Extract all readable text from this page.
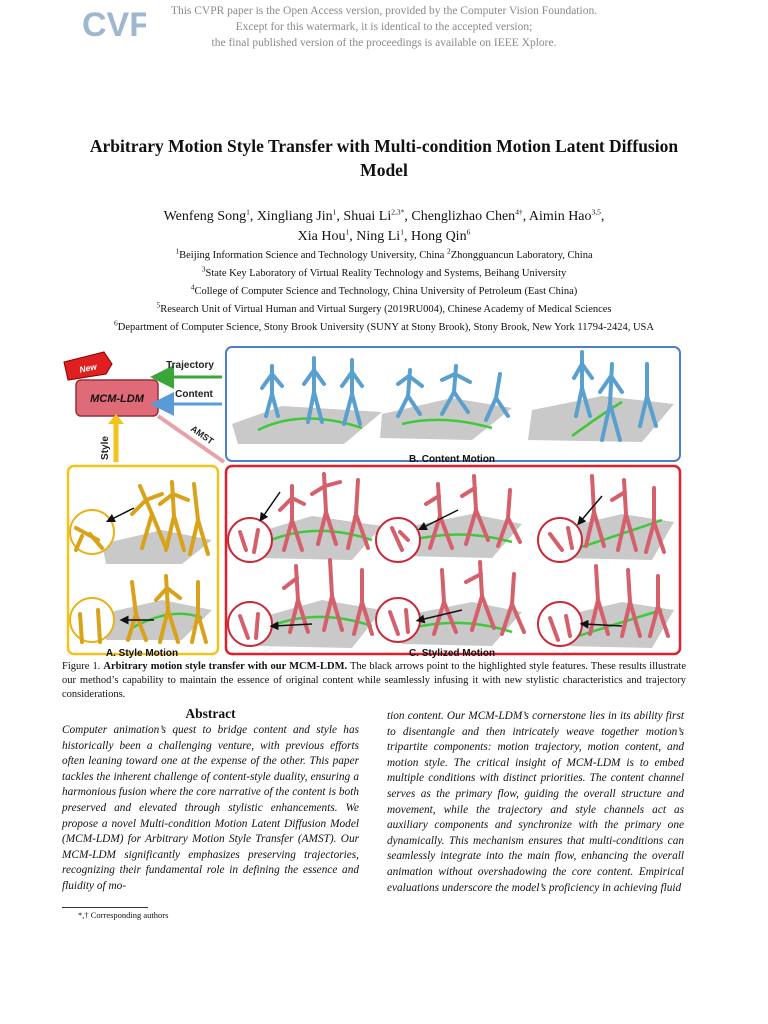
CVF	This CVPR paper is the Open Access version, provided by the Computer Vision Foundation.
Except for this watermark, it is identical to the accepted version;
the final published version of the proceedings is available on IEEE Xplore.
Arbitrary Motion Style Transfer with Multi-condition Motion Latent Diffusion
Model
Wenfeng Song$^1$, Xingliang Jin$^1$, Shuai $Li^{2,3*}$, Chenglizhao Chen$^{4\dagger}$, Aimin Hao$^{3,5}$,
Xia Hou$^1$, Ning Li$^1$, Hong Qin$^6$
$^1$Beijing Information Science and Technology University, China $^2$Zhongguancun Laboratory, China
$^3$State Key Laboratory of Virtual Reality Technology and Systems, Beihang University
$^4$College of Computer Science and Technology, China University of Petroleum (East China)
$^5$Research Unit of Virtual Human and Virtual Surgery (2019RU004), Chinese Academy of Medical Sciences
$^6$Department of Computer Science, Stony Brook University (SUNY at Stony Brook), Stony Brook, New York 11794-2424, USA
MCM-LDM
New	Trajectory
Content
Style
AMST
B. Content Motion
A. Style Motion	C. Stylized Motion
Figure 1. Arbitrary motion style transfer with our MCM-LDM. The black arrows point to the highlighted style features. These results illustrate our method’s capability to maintain the essence of original content while seamlessly infusing it with new stylistic characteristics and trajectory considerations.
Abstract
Computer animation’s quest to bridge content and style has historically been a challenging venture, with previous efforts often leaning toward one at the expense of the other. This paper tackles the inherent challenge of content-style duality, ensuring a harmonious fusion where the core narrative of the content is both preserved and elevated through stylistic enhancements. We propose a novel Multi-condition Motion Latent Diffusion Model (MCM-LDM) for Arbitrary Motion Style Transfer (AMST). Our MCM-LDM significantly emphasizes preserving trajectories, recognizing their fundamental role in defining the essence and fluidity of mo-
tion content. Our MCM-LDM’s cornerstone lies in its ability first to disentangle and then intricately weave together motion’s tripartite components: motion trajectory, motion content, and motion style. The critical insight of MCM-LDM is to embed multiple conditions with distinct priorities. The content channel serves as the primary flow, guiding the overall structure and movement, while the trajectory and style channels act as auxiliary components and synchronize with the primary one dynamically. This mechanism ensures that multi-conditions can seamlessly integrate into the main flow, enhancing the overall animation without overshadowing the core content. Empirical evaluations underscore the model’s proficiency in achieving fluid
*,† Corresponding authors
